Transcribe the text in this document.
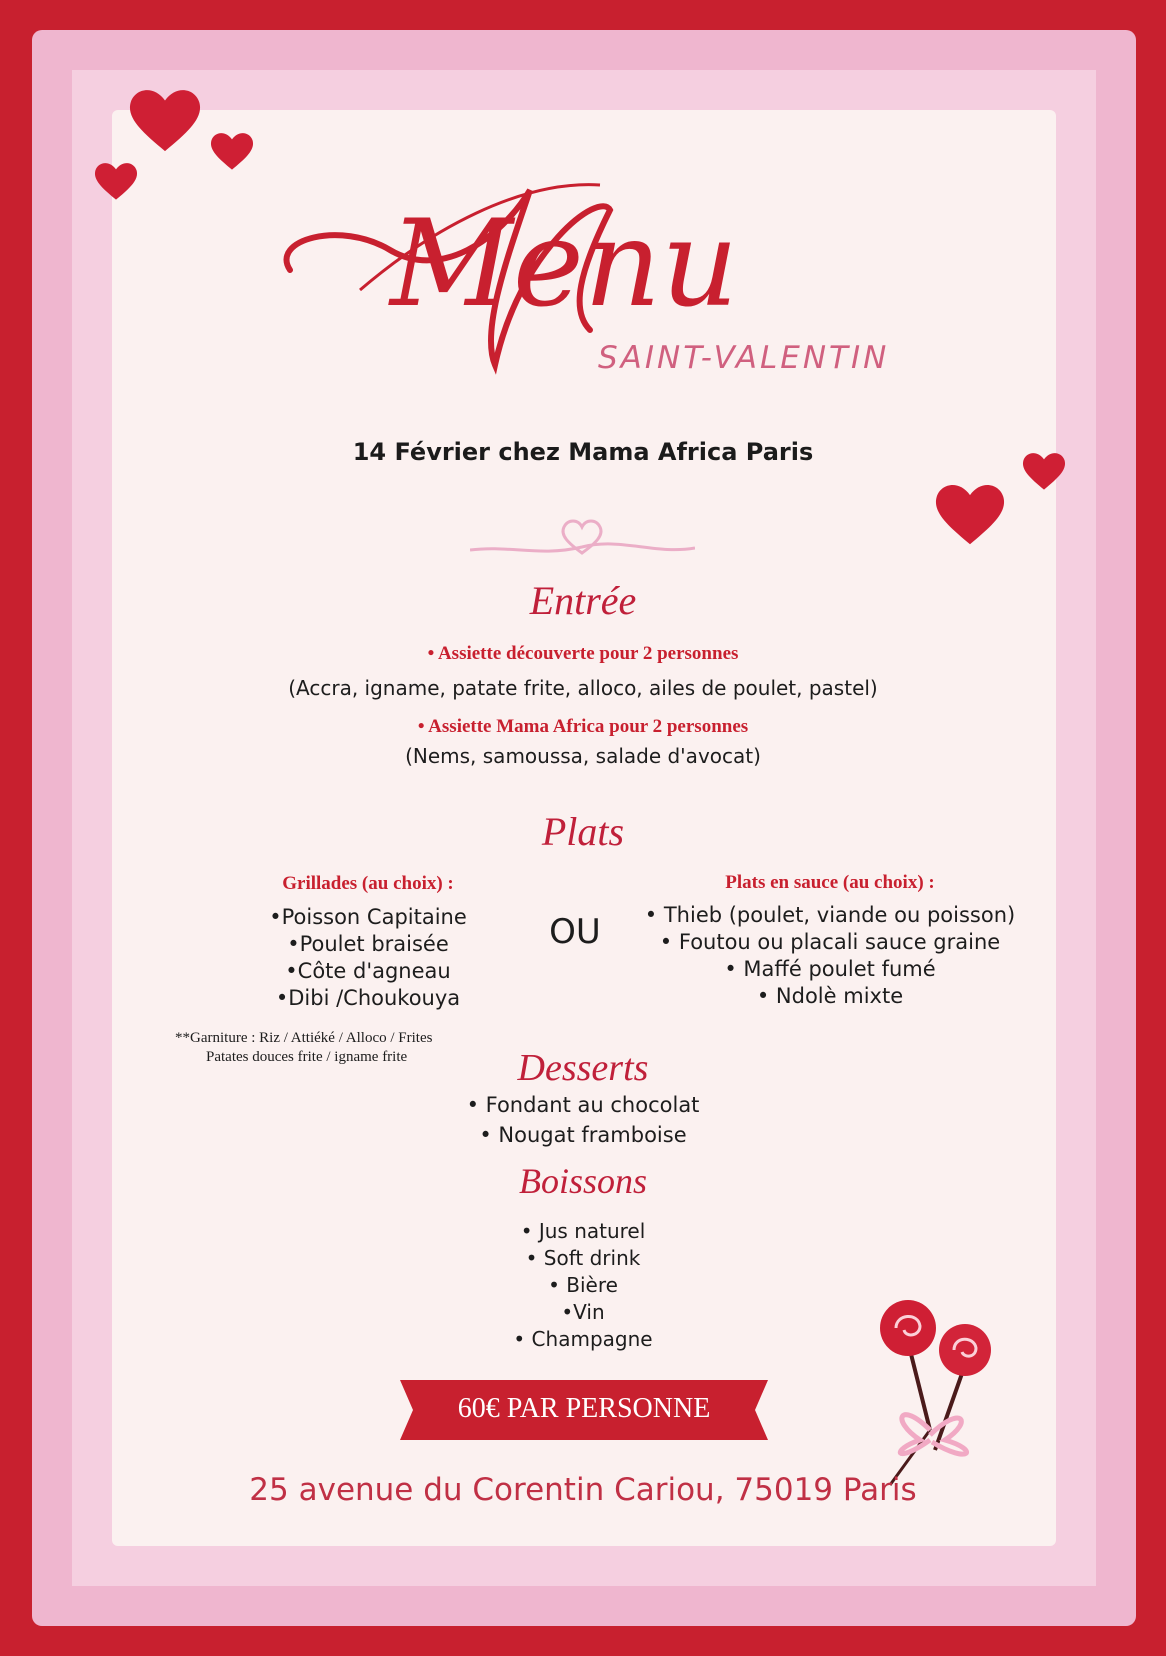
Menu
SAINT-VALENTIN
14 Février chez Mama Africa Paris
Entrée
• Assiette découverte pour 2 personnes
(Accra, igname, patate frite, alloco, ailes de poulet, pastel)
• Assiette Mama Africa pour 2 personnes
(Nems, samoussa, salade d'avocat)
Plats
Grillades (au choix) :
•Poisson Capitaine
•Poulet braisée
•Côte d'agneau
•Dibi /Choukouya
OU
Plats en sauce (au choix) :
• Thieb (poulet, viande ou poisson)
• Foutou ou placali sauce graine
• Maffé poulet fumé
• Ndolè mixte
**Garniture : Riz / Attiéké / Alloco / Frites
Patates douces frite / igname frite	Desserts
• Fondant au chocolat
• Nougat framboise
Boissons
• Jus naturel
• Soft drink
• Bière
•Vin
• Champagne
60€ PAR PERSONNE
25 avenue du Corentin Cariou, 75019 Paris
